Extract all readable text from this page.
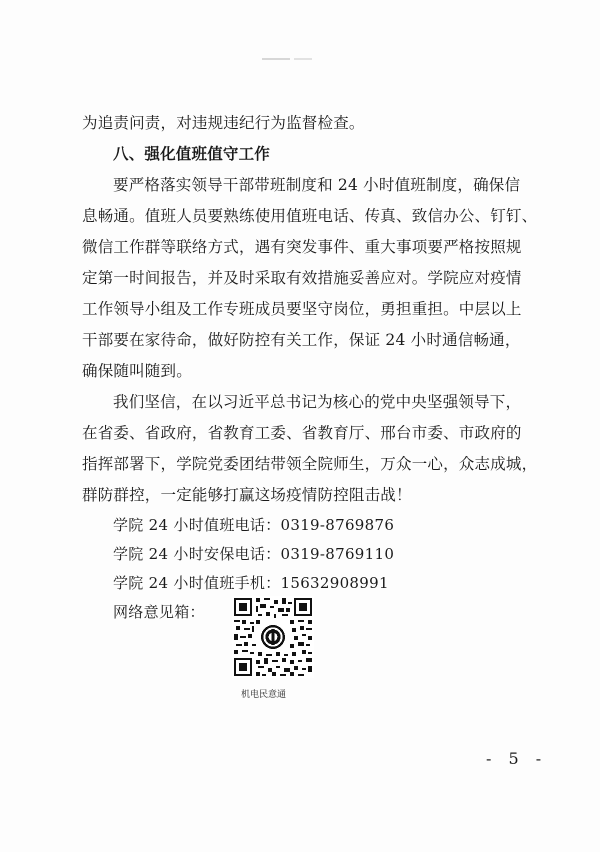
为追责问责，对违规违纪行为监督检查。
八、强化值班值守工作
要严格落实领导干部带班制度和 24 小时值班制度，确保信
息畅通。值班人员要熟练使用值班电话、传真、致信办公、钉钉、
微信工作群等联络方式，遇有突发事件、重大事项要严格按照规
定第一时间报告，并及时采取有效措施妥善应对。学院应对疫情
工作领导小组及工作专班成员要坚守岗位，勇担重担。中层以上
干部要在家待命，做好防控有关工作，保证 24 小时通信畅通，
确保随叫随到。
我们坚信，在以习近平总书记为核心的党中央坚强领导下，
在省委、省政府，省教育工委、省教育厅、邢台市委、市政府的
指挥部署下，学院党委团结带领全院师生，万众一心，众志成城，
群防群控，一定能够打赢这场疫情防控阻击战！
学院 24 小时值班电话：0319-8769876
学院 24 小时安保电话：0319-8769110
学院 24 小时值班手机：15632908991
网络意见箱：
机电民意通
- 5 -
